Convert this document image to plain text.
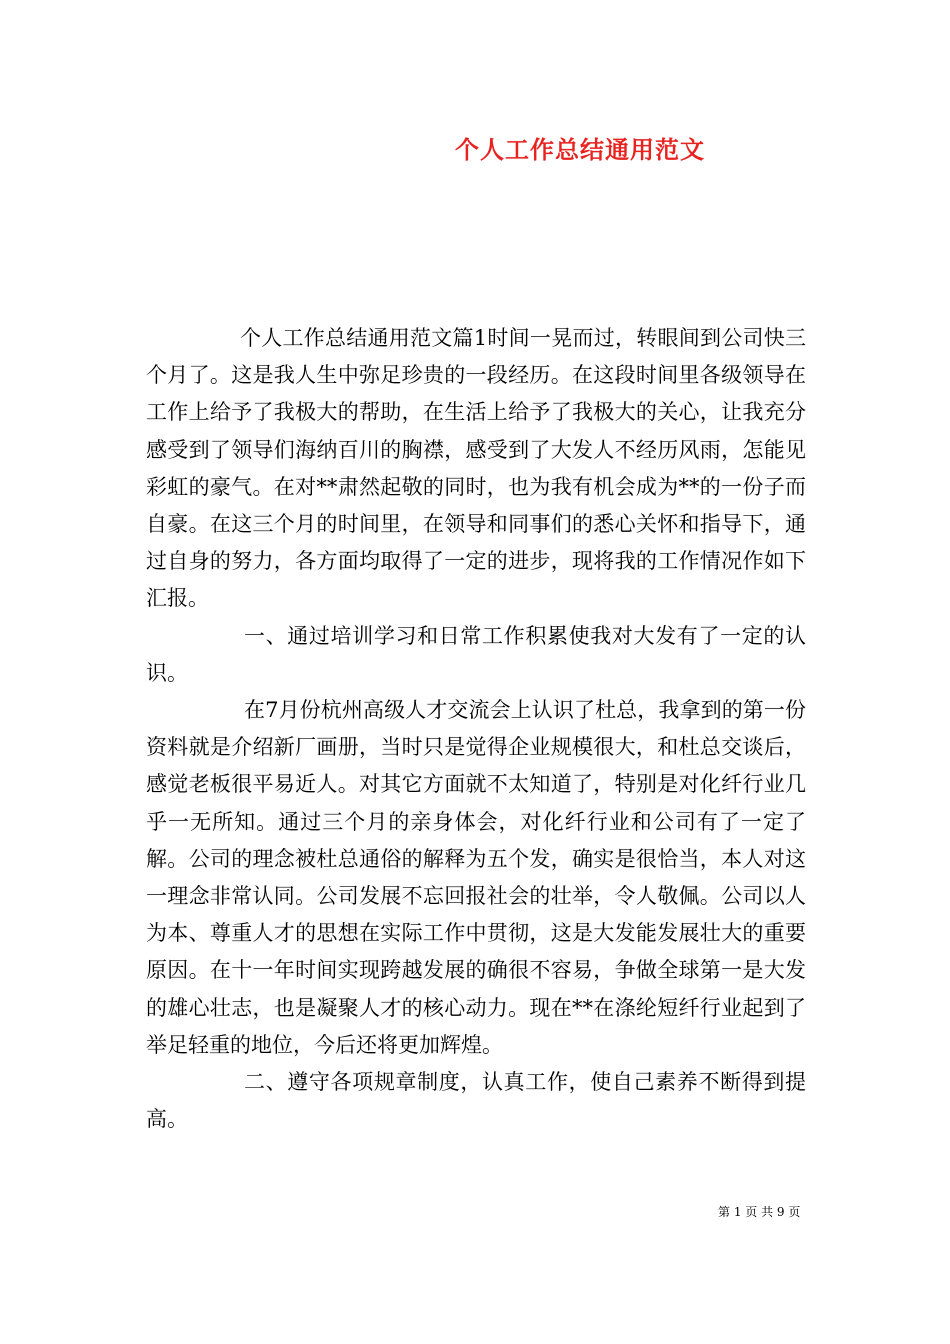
个人工作总结通用范文

个人工作总结通用范文篇1时间一晃而过，转眼间到公司快三个月了。这是我人生中弥足珍贵的一段经历。在这段时间里各级领导在工作上给予了我极大的帮助，在生活上给予了我极大的关心，让我充分感受到了领导们海纳百川的胸襟，感受到了大发人不经历风雨，怎能见彩虹的豪气。在对**肃然起敬的同时，也为我有机会成为**的一份子而自豪。在这三个月的时间里，在领导和同事们的悉心关怀和指导下，通过自身的努力，各方面均取得了一定的进步，现将我的工作情况作如下汇报。

一、通过培训学习和日常工作积累使我对大发有了一定的认识。

在7月份杭州高级人才交流会上认识了杜总，我拿到的第一份资料就是介绍新厂画册，当时只是觉得企业规模很大，和杜总交谈后，感觉老板很平易近人。对其它方面就不太知道了，特别是对化纤行业几乎一无所知。通过三个月的亲身体会，对化纤行业和公司有了一定了解。公司的理念被杜总通俗的解释为五个发，确实是很恰当，本人对这一理念非常认同。公司发展不忘回报社会的壮举，令人敬佩。公司以人为本、尊重人才的思想在实际工作中贯彻，这是大发能发展壮大的重要原因。在十一年时间实现跨越发展的确很不容易，争做全球第一是大发的雄心壮志，也是凝聚人才的核心动力。现在**在涤纶短纤行业起到了举足轻重的地位，今后还将更加辉煌。

二、遵守各项规章制度，认真工作，使自己素养不断得到提高。

第 1 页 共 9 页
